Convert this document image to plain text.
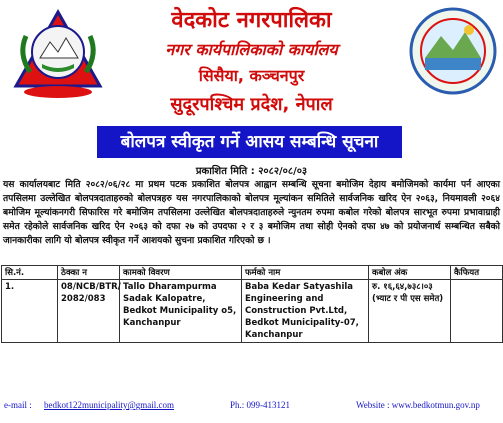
वेदकोट नगरपालिका
नगर कार्यपालिकाको कार्यालय
सिसैया, कञ्चनपुर
सुदूरपश्चिम प्रदेश, नेपाल
बोलपत्र स्वीकृत गर्ने आसय सम्बन्धि सूचना
प्रकाशित मिति : २०८२/०८/०३
यस कार्यालयबाट मिति २०८२/०६/२८ मा प्रथम पटक प्रकाशित बोलपत्र आह्वान सम्बन्धि सूचना बमोजिम देहाय बमोजिमको कार्यमा पर्न आएका तपसिलमा उल्लेखित बोलपत्रदाताहरुको बोलपत्रहरु यस नगरपालिकाको बोलपत्र मूल्यांकन समितिले सार्वजनिक खरिद ऐन २०६३, नियमावली २०६४ बमोजिम मूल्यांकनगरी सिफारिस गरे बमोजिम तपसिलमा उल्लेखित बोलपत्रदाताहरुले न्युनतम रुपमा कबोल गरेको बोलपत्र सारभूत रुपमा प्रभावाग्राही समेत रहेकोले सार्वजनिक खरिद ऐन २०६३ को दफा २७ को उपदफा २ र ३ बमोजिम तथा सोही ऐनको दफा ४७ को प्रयोजनार्थ सम्बन्धित सबैको जानकारीका लागि यो बोलपत्र स्वीकृत गर्ने आशयको सुचना प्रकाशित गरिएको छ ।
सि.नं.	ठेक्का न	कामको विवरण	फर्मको नाम	कबोल अंक	कैफियत
1.	08/NCB/BTR/ 2082/083	Tallo Dharampurma Sadak Kalopatre, Bedkot Municipality o5, Kanchanpur	Baba Kedar Satyashila Engineering and Construction Pvt.Ltd, Bedkot Municipality-07, Kanchanpur	रु. १६,६४,७३८।०३ (भ्याट र पी एस समेत)	
e-mail : bedkot122municipality@gmail.com	Ph.: 099-413121	Website : www.bedkotmun.gov.np
